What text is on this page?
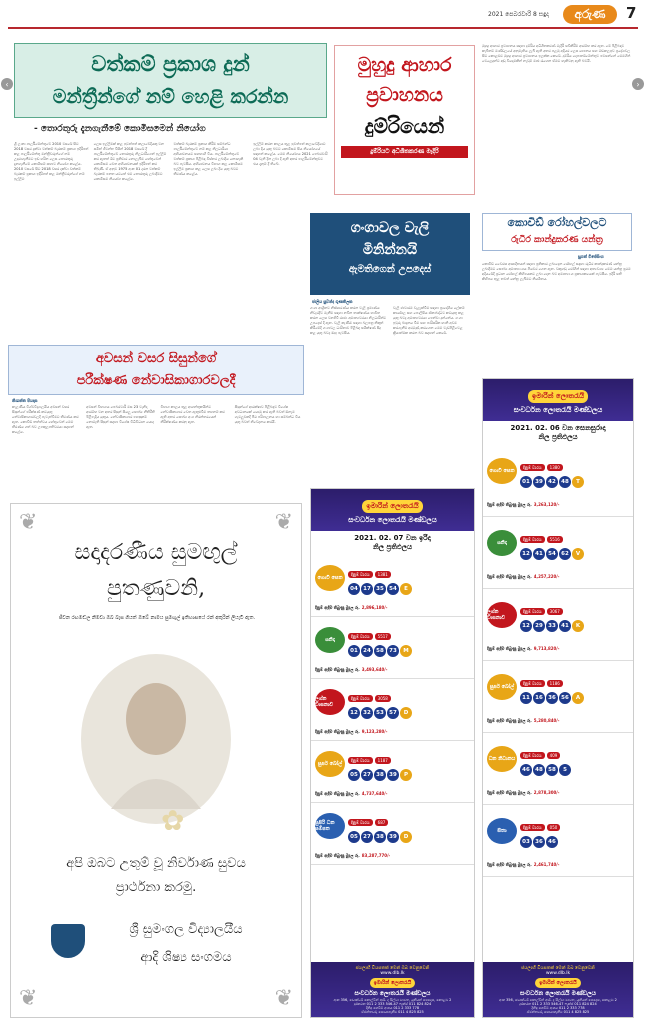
2021 පෙබරවාරි 8 සඳුදා	අරුණ	7
‹	›
වත්කම් ප්‍රකාශ දුන්
මන්ත්‍රීන්ගේ නම් හෙළි කරන්න
- තොරතුරු දැනගැනීමේ කොමිසමෙන් නියෝග
ශ්‍රී ලංකා පාර්ලිමේන්තුවේ 2010 වසරේ සිට 2018 වසර දක්වා වත්කම් බැරකම් ප්‍රකාශ ඉදිරිපත් කළ පාර්ලිමේන්තු මන්ත්‍රීවරුන්ගේ නම් උදුරාගැනීමට ඉඩ හරින ලෙස තොරතුරු දැනගැනීමේ කොමිසම් සභාව නියෝග කළේය. 2010 වසරේ සිට 2018 වසර දක්වා වත්කම් බැරකම් ප්‍රකාශ ඉදිරිපත් කළ මන්ත්‍රීවරුන්ගේ නම් ඉල්ලීම
ලෙස ඉල්ලීමක් කළ පුවත්පත් කලාවේදියකු වන සමිත් ජීවන්ත විසින් 2018 වසරේ දී පාර්ලිමේන්තුවේ තොරතුරු නිලධාරීගෙන් ඉල්ලීම් කර ඇතත් ඊට ප්‍රතිචාර නොලැබීම හේතුවෙන් කොමිසම වෙත අභියාචනයක් ඉදිරිපත් කර තිබුණි. ඒ අනුව 1975 අංක 01 දරන වත්කම් බැරකම් පනත යටතේ එම තොරතුරු ලබාදීමට කොමිසම නියෝග කළේය.
වත්කම් බැරකම් ප්‍රකාශ කිරීම සම්බන්ධ පාර්ලිමේන්තුවේ නම් කළ නිලධාරියා අභියාචනයට සහභාගී විය. පාර්ලිමේන්තුවේ වත්කම් ප්‍රකාශ පිළිබඳ විස්තර ලබාදිය නොහැකි බව පැවසීය. අභියාචනය විභාග කළ කොමිසම ඉල්ලීම ප්‍රකාශ කළ ලෙස ලබා දිය යුතු බවට තීරණය කළේය.
ඉල්ලීම් කරන කාලය තුළ පුවත්පත් කලාවේදියාට ලබා දිය යුතු බවට කොමිසම සිය නියෝගයේ සඳහන් කළේය. මෙම නියෝගය 2021 පෙබරවාරි 04 වැනි දින ලබා දී ඇති අතර පාර්ලිමේන්තුවට එය දැනුම් දී තිබේ.
මුහුදු ආහාර
ප්‍රවාහනය
දුම්රියෙන්
දුම්රියට අධිශීතකරණ මැදිරි
මුහුදු ආහාර ප්‍රවාහනය සඳහා දුම්රිය අධිශීතකරණ මැදිරි සවිකිරීම ආරම්භ කර ඇත. මේ පිළිබඳව කැබිනට් මණ්ඩලයේ අනුමැතිය ලැබී ඇති අතර පළමු අදියර ලෙස යාපනය සහ මඩකලපුව ප්‍රදේශවල සිට කොළඹට මුහුදු ආහාර ප්‍රවාහනය ඉලක්ක කෙරේ. දුම්රිය දෙපාර්තමේන්තුව පවසන්නේ මෙමගින් වෙළෙඳුන්ට අඩු වියදමකින් නැවුම් මාළු රැගෙන ඒමට හැකිවනු ඇති බවයි.
ගංගාවල වැලි
මිනින්නයි
ඇමතිගෙන් උපදෙස්
ජාලිය සුවන්ද ගුණතිලක
ගංගා ආශ්‍රිතව නිස්සාරණය කරන වැලි ප්‍රමාණය නිවැරදිව මැනීම සඳහා නවීන තාක්ෂණය භාවිත කරන ලෙස වනජීවී රාජ්‍ය අමාත්‍යවරයා නිලධාරීන්ට උපදෙස් දී ඇත. වැලි කැණීම සඳහා බලපත්‍ර නිකුත් කිරීමේදී ගංගාවල ධාරිතාව පිළිබඳ සමීක්ෂණ සිදු කළ යුතු බවද ඔහු පැවසීය.
වැලි ජාවාරම වැළැක්වීම සඳහා ප්‍රාදේශීය ලේකම් කාර්යාල සහ පොලිසිය ඒකාබද්ධව කටයුතු කළ යුතු බවද අමාත්‍යවරයා පෙන්වා දුන්නේය. ගංගා ඉවුරු ඛාදනය වීම සහ පාරිසරික හානි අවම කරගැනීම අරමුණු කරගෙන මෙම වැඩපිළිවෙළ ක්‍රියාත්මක කරන බව සඳහන් කෙරේ.
කොවිඩ් රෝහල්වලට
රුධිර කාන්දුකරණ යන්ත්‍ර
සුගත් විජේසිංහ
කොවිඩ් වෛරස ආසාදිතයන් සඳහා ප්‍රතිකාර ලබාදෙන රෝහල් සඳහා රුධිර කාන්දුකරණ යන්ත්‍ර ලබාදීමට සෞඛ්‍ය අමාත්‍යාංශය පියවර ගෙන ඇත. වකුගඩු රෝගීන් සඳහා අත්‍යවශ්‍ය මෙම යන්ත්‍ර ප්‍රථම අදියරේදී ප්‍රධාන රෝහල් කිහිපයකට ලබා දෙන බව අමාත්‍යාංශ ප්‍රකාශකයෙක් පැවසීය. ඉදිරි සති කිහිපය තුළ තවත් යන්ත්‍ර ලැබීමට නියමිතය.
අවසන් වසර සිසුන්ගේ
පරීක්ෂණ නේවාසිකාගාරවලදී
නිශාන්ත පියදාස
කැලණිය විශ්වවිද්‍යාලයීය අවසන් වසර සිසුන්ගේ පරීක්ෂණ කටයුතු නේවාසිකාගාරවලදී පැවැත්වීමට තීරණය කර ඇත. කොවිඩ් තත්ත්වය හේතුවෙන් මෙම තීරණය ගත් බව උපකුලපතිවරයා සඳහන් කළේය.
අවසන් විභාගය පෙබරවාරි මස 23 වැනිදා ආරම්භ වන අතර සිසුන් සියලු සෞඛ්‍ය නීතිරීති පිළිපැදිය යුතුය. නේවාසිකාගාර පහසුකම් නොමැති සිසුන් සඳහා විශේෂ විධිවිධාන යොදා ඇත.
විභාග කාලය තුළ ආගන්තුකයින්ට නේවාසිකාගාර වෙත ඇතුළුවීම තහනම් කර ඇති අතර සෞඛ්‍ය අංශ නිරන්තරයෙන් නිරීක්ෂණය කරනු ඇත.
සිසුන්ගේ ආරක්ෂාව පිළිබඳව විශේෂ අවධානයක් යොමු කර ඇති බවත් ඕනෑම ගැටලුවකදී පීඨ පරිපාලනය හා සම්බන්ධ විය යුතු බවත් නිවේදනය කරයි.
❦	❦
සදාදරණීය සුමඟුල්
පුතණුවනි,
ජීවන රඟමඬල නිමවා ඔබ බැස ගියත් ඔබේ නාමය සුමඟුල් ඉතිහාසයේ රන් අකුරින් ලියැවී ඇත.
✿
අපි ඔබට උතුම් වූ නිර්වාණ සුවය
ප්‍රාර්ථනා කරමු.
ශ්‍රී සුමංගල විද්‍යාලයීය
ආදි ශිෂ්‍ය සංගමය
❦	❦
ඉමාරින් ලොතරැයි
සංවර්ධන ලොතරැයි මණ්ඩලය
2021. 02. 07 වන ඉරිදා
නිල ප්‍රතිඵලය
ගොවි සෙත
දිනුම් වාරය 1381
04 17 35 54	E
දිනුම් ඇදීම තිබුණු මුදල රු. 2,896,180/-
ශනිදා
දිනුම් වාරය 5517
01 24 58 73	M
දිනුම් ඇදීම තිබුණු මුදල රු. 3,493,640/-
ලග්න වාසනාව
දිනුම් වාරය 3058
12 32 53 57	D
දිනුම් ඇදීම තිබුණු මුදල රු. 9,123,280/-
සුපර් බෝල්
දිනුම් වාරය 1187
05 27 38 39	P
දිනුම් ඇදීම තිබුණු මුදල රු. 4,737,640/-
සුපිරි ධන සම්පත
දිනුම් වාරය 687
05 27 38 39	D
දිනුම් ඇදීම තිබුණු මුදල රු. 83,287,770/-
ජයලාභී වියපතක් මෙන් ඔබ වෙනුවෙනි
www.dlb.lk
ඉමාරින් ලොතරැයි
සංවර්ධන ලොතරැයි මණ්ඩලය
අංක 356, ඩොක්ටර් කොල්වින් ආර්. ද සිල්වා මාවත, යූනියන් පෙදෙස, කොළඹ 2
දුරකථන 011 2 333 546-47 ෆැක්ස් 011 824 824
දිනිඳු ගෙවීම් අංශය 011 2 333 778
ඒජන්තවරු සොයාගැනීම 011 4 825 825
ඉමාරින් ලොතරැයි
සංවර්ධන ලොතරැයි මණ්ඩලය
2021. 02. 06 වන සෙනසුරාදා
නිල ප්‍රතිඵලය
ගොවි සෙත
දිනුම් වාරය 1380
01 39 42 48	T
දිනුම් ඇදීම තිබුණු මුදල රු. 3,263,120/-
ශනිදා
දිනුම් වාරය 5516
12 41 54 62	V
දිනුම් ඇදීම තිබුණු මුදල රු. 4,257,220/-
ලග්න වාසනාව
දිනුම් වාරය 3067
12 29 33 41	K
දිනුම් ඇදීම තිබුණු මුදල රු. 9,713,820/-
සුපර් බෝල්
දිනුම් වාරය 1186
11 16 36 56	A
දිනුම් ඇදීම තිබුණු මුදල රු. 5,280,840/-
ධන නිධානය
දිනුම් වාරය 409
46 48 58	5
දිනුම් ඇදීම තිබුණු මුදල රු. 2,878,300/-
සීතා
දිනුම් වාරය 050
03 36 46
දිනුම් ඇදීම තිබුණු මුදල රු. 2,461,740/-
ජයලාභී වියපතක් මෙන් ඔබ වෙනුවෙනි
www.dlb.lk
ඉමාරින් ලොතරැයි
සංවර්ධන ලොතරැයි මණ්ඩලය
අංක 356, ඩොක්ටර් කොල්වින් ආර්. ද සිල්වා මාවත, යූනියන් පෙදෙස, කොළඹ 2
දුරකථන 011 2 333 546-47 ෆැක්ස් 011 824 824
දිනිඳු ගෙවීම් අංශය 011 2 333 778
ඒජන්තවරු සොයාගැනීම 011 4 825 825
